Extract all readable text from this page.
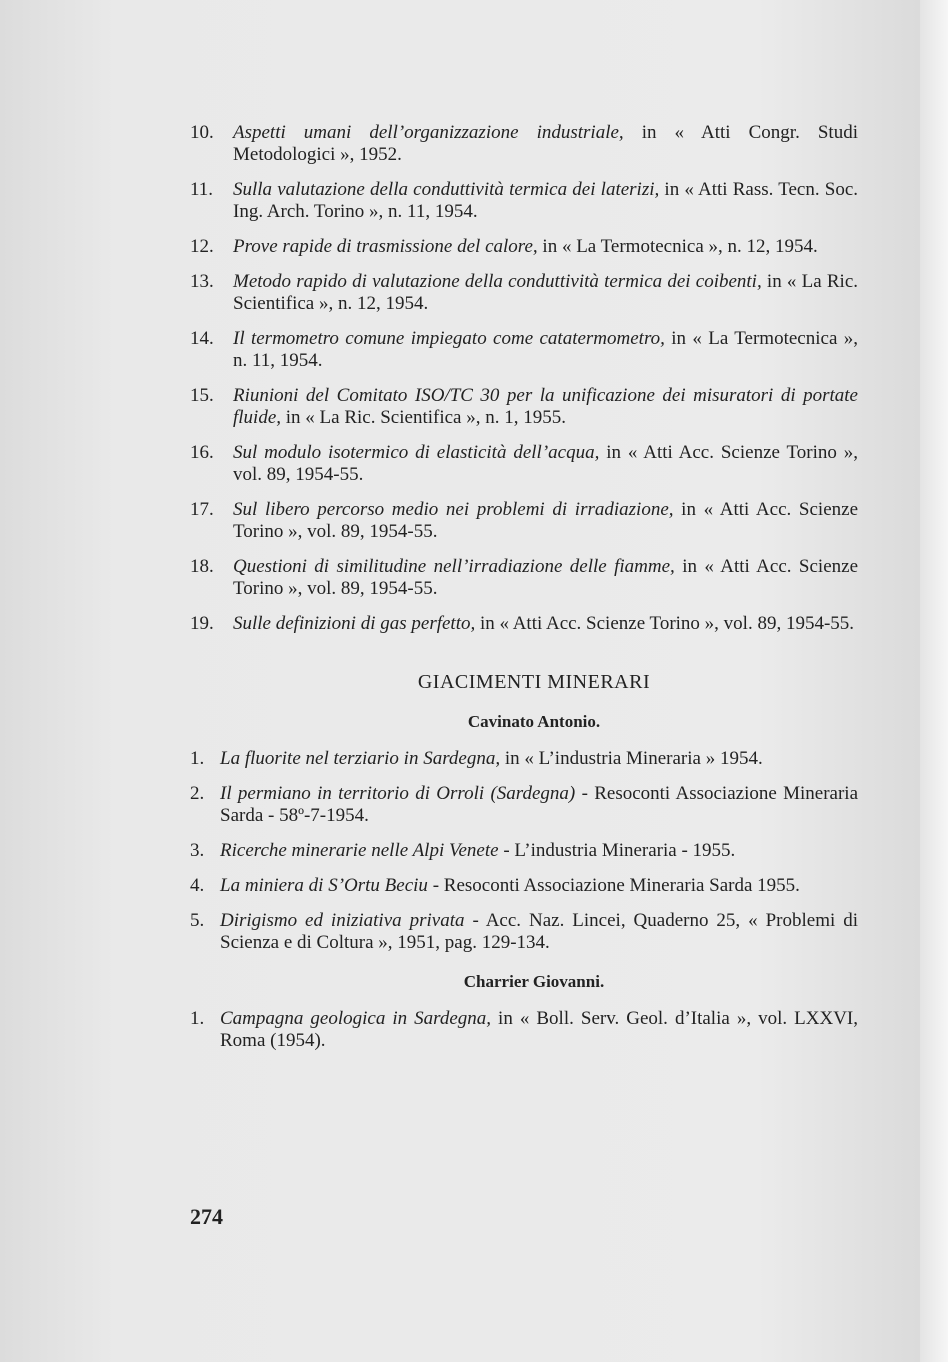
10. Aspetti umani dell’organizzazione industriale, in « Atti Congr. Studi Metodologici », 1952.
11. Sulla valutazione della conduttività termica dei laterizi, in « Atti Rass. Tecn. Soc. Ing. Arch. Torino », n. 11, 1954.
12. Prove rapide di trasmissione del calore, in « La Termotecnica », n. 12, 1954.
13. Metodo rapido di valutazione della conduttività termica dei coibenti, in « La Ric. Scientifica », n. 12, 1954.
14. Il termometro comune impiegato come catatermometro, in « La Termotecnica », n. 11, 1954.
15. Riunioni del Comitato ISO/TC 30 per la unificazione dei misuratori di portate fluide, in « La Ric. Scientifica », n. 1, 1955.
16. Sul modulo isotermico di elasticità dell’acqua, in « Atti Acc. Scienze Torino », vol. 89, 1954-55.
17. Sul libero percorso medio nei problemi di irradiazione, in « Atti Acc. Scienze Torino », vol. 89, 1954-55.
18. Questioni di similitudine nell’irradiazione delle fiamme, in « Atti Acc. Scienze Torino », vol. 89, 1954-55.
19. Sulle definizioni di gas perfetto, in « Atti Acc. Scienze Torino », vol. 89, 1954-55.
GIACIMENTI MINERARI
Cavinato Antonio.
1. La fluorite nel terziario in Sardegna, in « L’industria Mineraria » 1954.
2. Il permiano in territorio di Orroli (Sardegna) - Resoconti Associazione Mineraria Sarda - 58º-7-1954.
3. Ricerche minerarie nelle Alpi Venete - L’industria Mineraria - 1955.
4. La miniera di S’Ortu Beciu - Resoconti Associazione Mineraria Sarda 1955.
5. Dirigismo ed iniziativa privata - Acc. Naz. Lincei, Quaderno 25, « Problemi di Scienza e di Coltura », 1951, pag. 129-134.
Charrier Giovanni.
1. Campagna geologica in Sardegna, in « Boll. Serv. Geol. d’Italia », vol. LXXVI, Roma (1954).
274
